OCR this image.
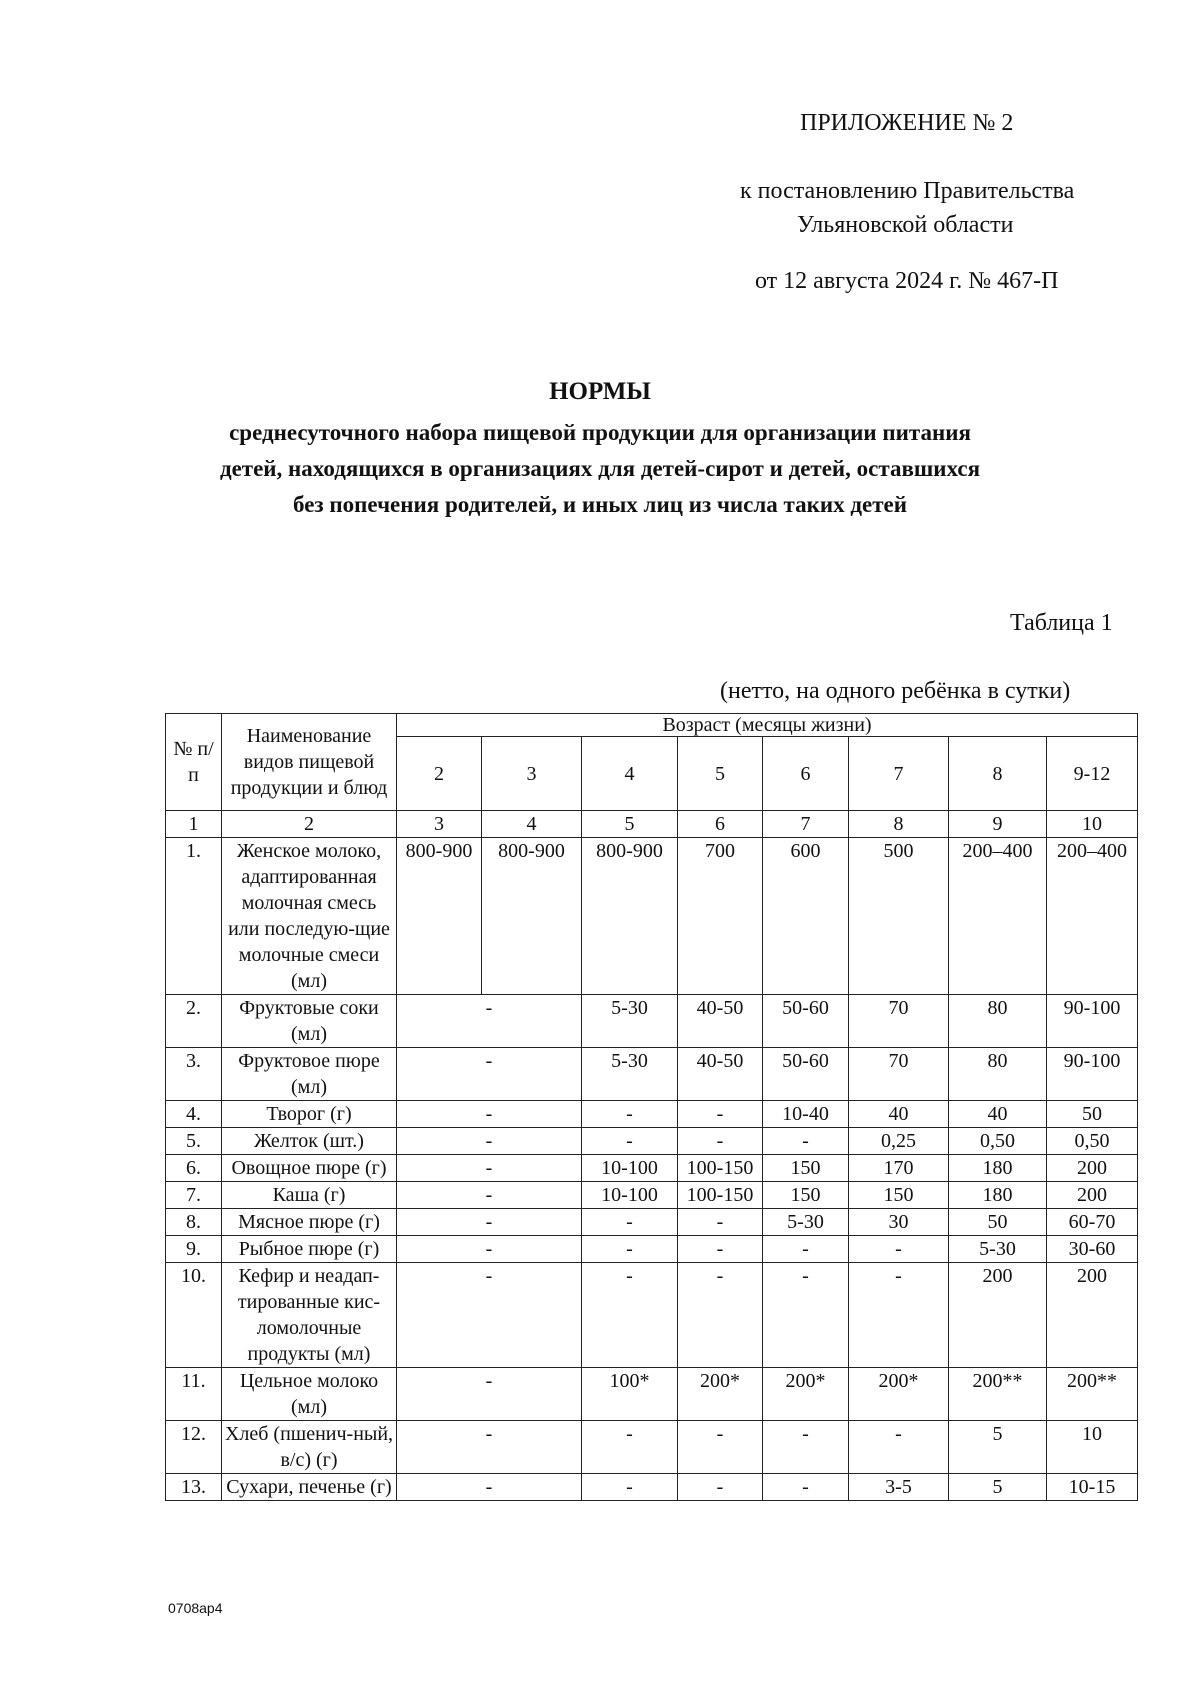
ПРИЛОЖЕНИЕ № 2
к постановлению Правительства
Ульяновской области
от 12 августа 2024 г. № 467-П
НОРМЫ
среднесуточного набора пищевой продукции для организации питания
детей, находящихся в организациях для детей-сирот и детей, оставшихся
без попечения родителей, и иных лиц из числа таких детей
Таблица 1
(нетто, на одного ребёнка в сутки)
№ п/п	Наименование видов пищевой продукции и блюд	Возраст (месяцы жизни)							
		2	3	4	5	6	7	8	9-12
1	2	3	4	5	6	7	8	9	10
1.	Женское молоко, адаптированная молочная смесь или последую-щие молочные смеси (мл)	800-900	800-900	800-900	700	600	500	200–400	200–400
2.	Фруктовые соки (мл)	-		5-30	40-50	50-60	70	80	90-100
3.	Фруктовое пюре (мл)	-		5-30	40-50	50-60	70	80	90-100
4.	Творог (г)	-		-	-	10-40	40	40	50
5.	Желток (шт.)	-		-	-	-	0,25	0,50	0,50
6.	Овощное пюре (г)	-		10-100	100-150	150	170	180	200
7.	Каша (г)	-		10-100	100-150	150	150	180	200
8.	Мясное пюре (г)	-		-	-	5-30	30	50	60-70
9.	Рыбное пюре (г)	-		-	-	-	-	5-30	30-60
10.	Кефир и неадап-тированные кис-ломолочные продукты (мл)	-		-	-	-	-	200	200
11.	Цельное молоко (мл)	-		100*	200*	200*	200*	200**	200**
12.	Хлеб (пшенич-ный, в/с) (г)	-		-	-	-	-	5	10
13.	Сухари, печенье (г)	-		-	-	-	3-5	5	10-15
0708ap4
